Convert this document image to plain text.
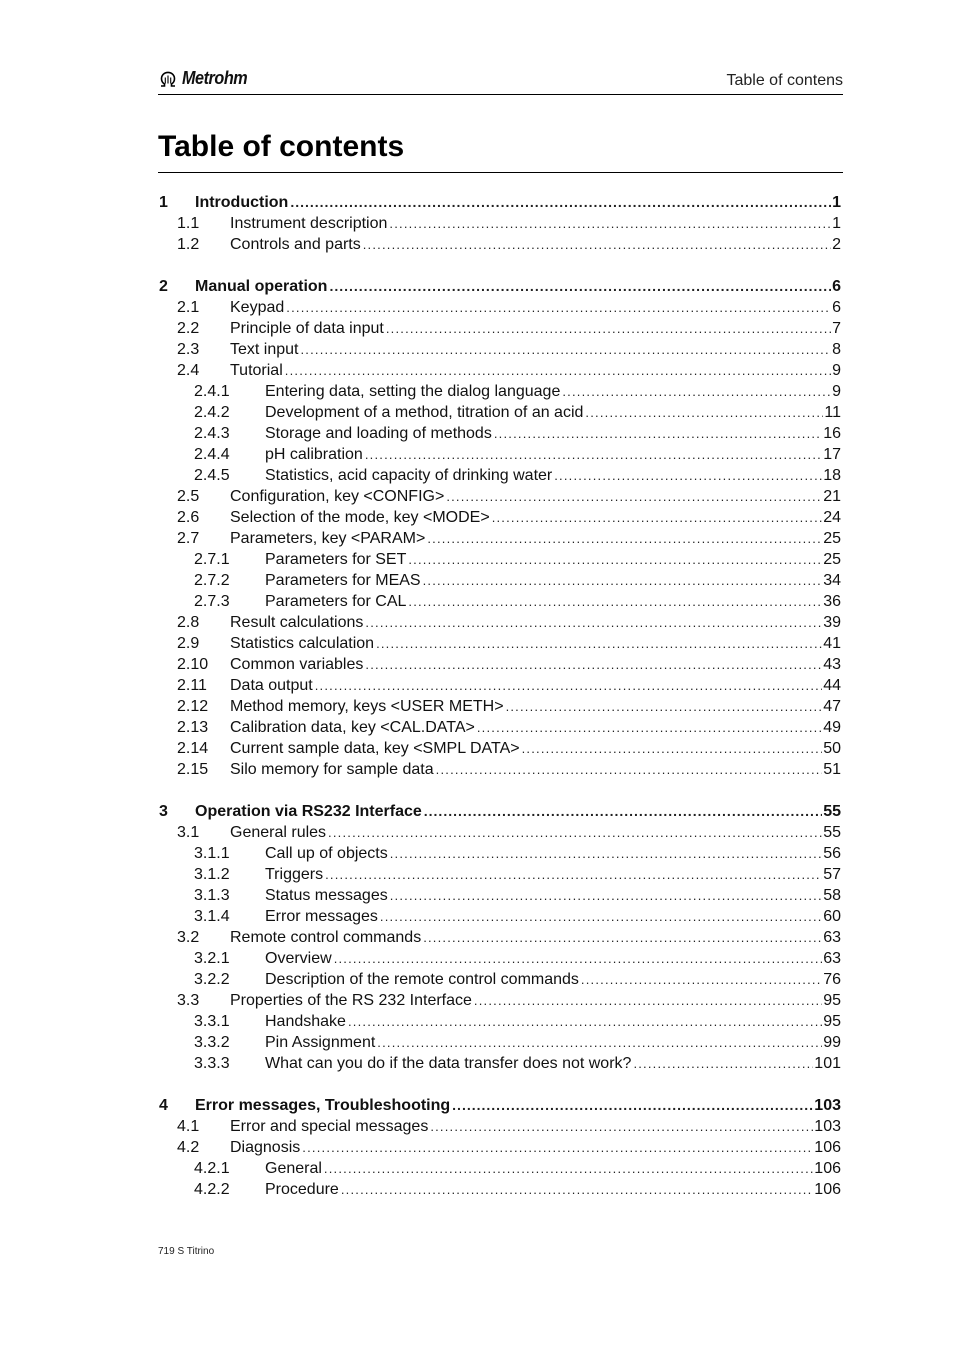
Metrohm	Table of contens
Table of contents
1	Introduction .....	1
1.1	Instrument description .....	1
1.2	Controls and parts .....	2
2	Manual operation .....	6
2.1	Keypad .....	6
2.2	Principle of data input .....	7
2.3	Text input .....	8
2.4	Tutorial .....	9
2.4.1	Entering data, setting the dialog language .....	9
2.4.2	Development of a method, titration of an acid .....	11
2.4.3	Storage and loading of methods .....	16
2.4.4	pH calibration .....	17
2.4.5	Statistics, acid capacity of drinking water .....	18
2.5	Configuration, key <CONFIG> .....	21
2.6	Selection of the mode, key <MODE> .....	24
2.7	Parameters, key <PARAM> .....	25
2.7.1	Parameters for SET .....	25
2.7.2	Parameters for MEAS .....	34
2.7.3	Parameters for CAL .....	36
2.8	Result calculations .....	39
2.9	Statistics calculation .....	41
2.10	Common variables .....	43
2.11	Data output .....	44
2.12	Method memory, keys <USER METH> .....	47
2.13	Calibration data, key <CAL.DATA> .....	49
2.14	Current sample data, key <SMPL DATA> .....	50
2.15	Silo memory for sample data .....	51
3	Operation via RS232 Interface .....	55
3.1	General rules .....	55
3.1.1	Call up of objects .....	56
3.1.2	Triggers .....	57
3.1.3	Status messages .....	58
3.1.4	Error messages .....	60
3.2	Remote control commands .....	63
3.2.1	Overview .....	63
3.2.2	Description of the remote control commands .....	76
3.3	Properties of the RS 232 Interface .....	95
3.3.1	Handshake .....	95
3.3.2	Pin Assignment .....	99
3.3.3	What can you do if the data transfer does not work? .....	101
4	Error messages, Troubleshooting .....	103
4.1	Error and special messages .....	103
4.2	Diagnosis .....	106
4.2.1	General .....	106
4.2.2	Procedure .....	106
719 S Titrino
